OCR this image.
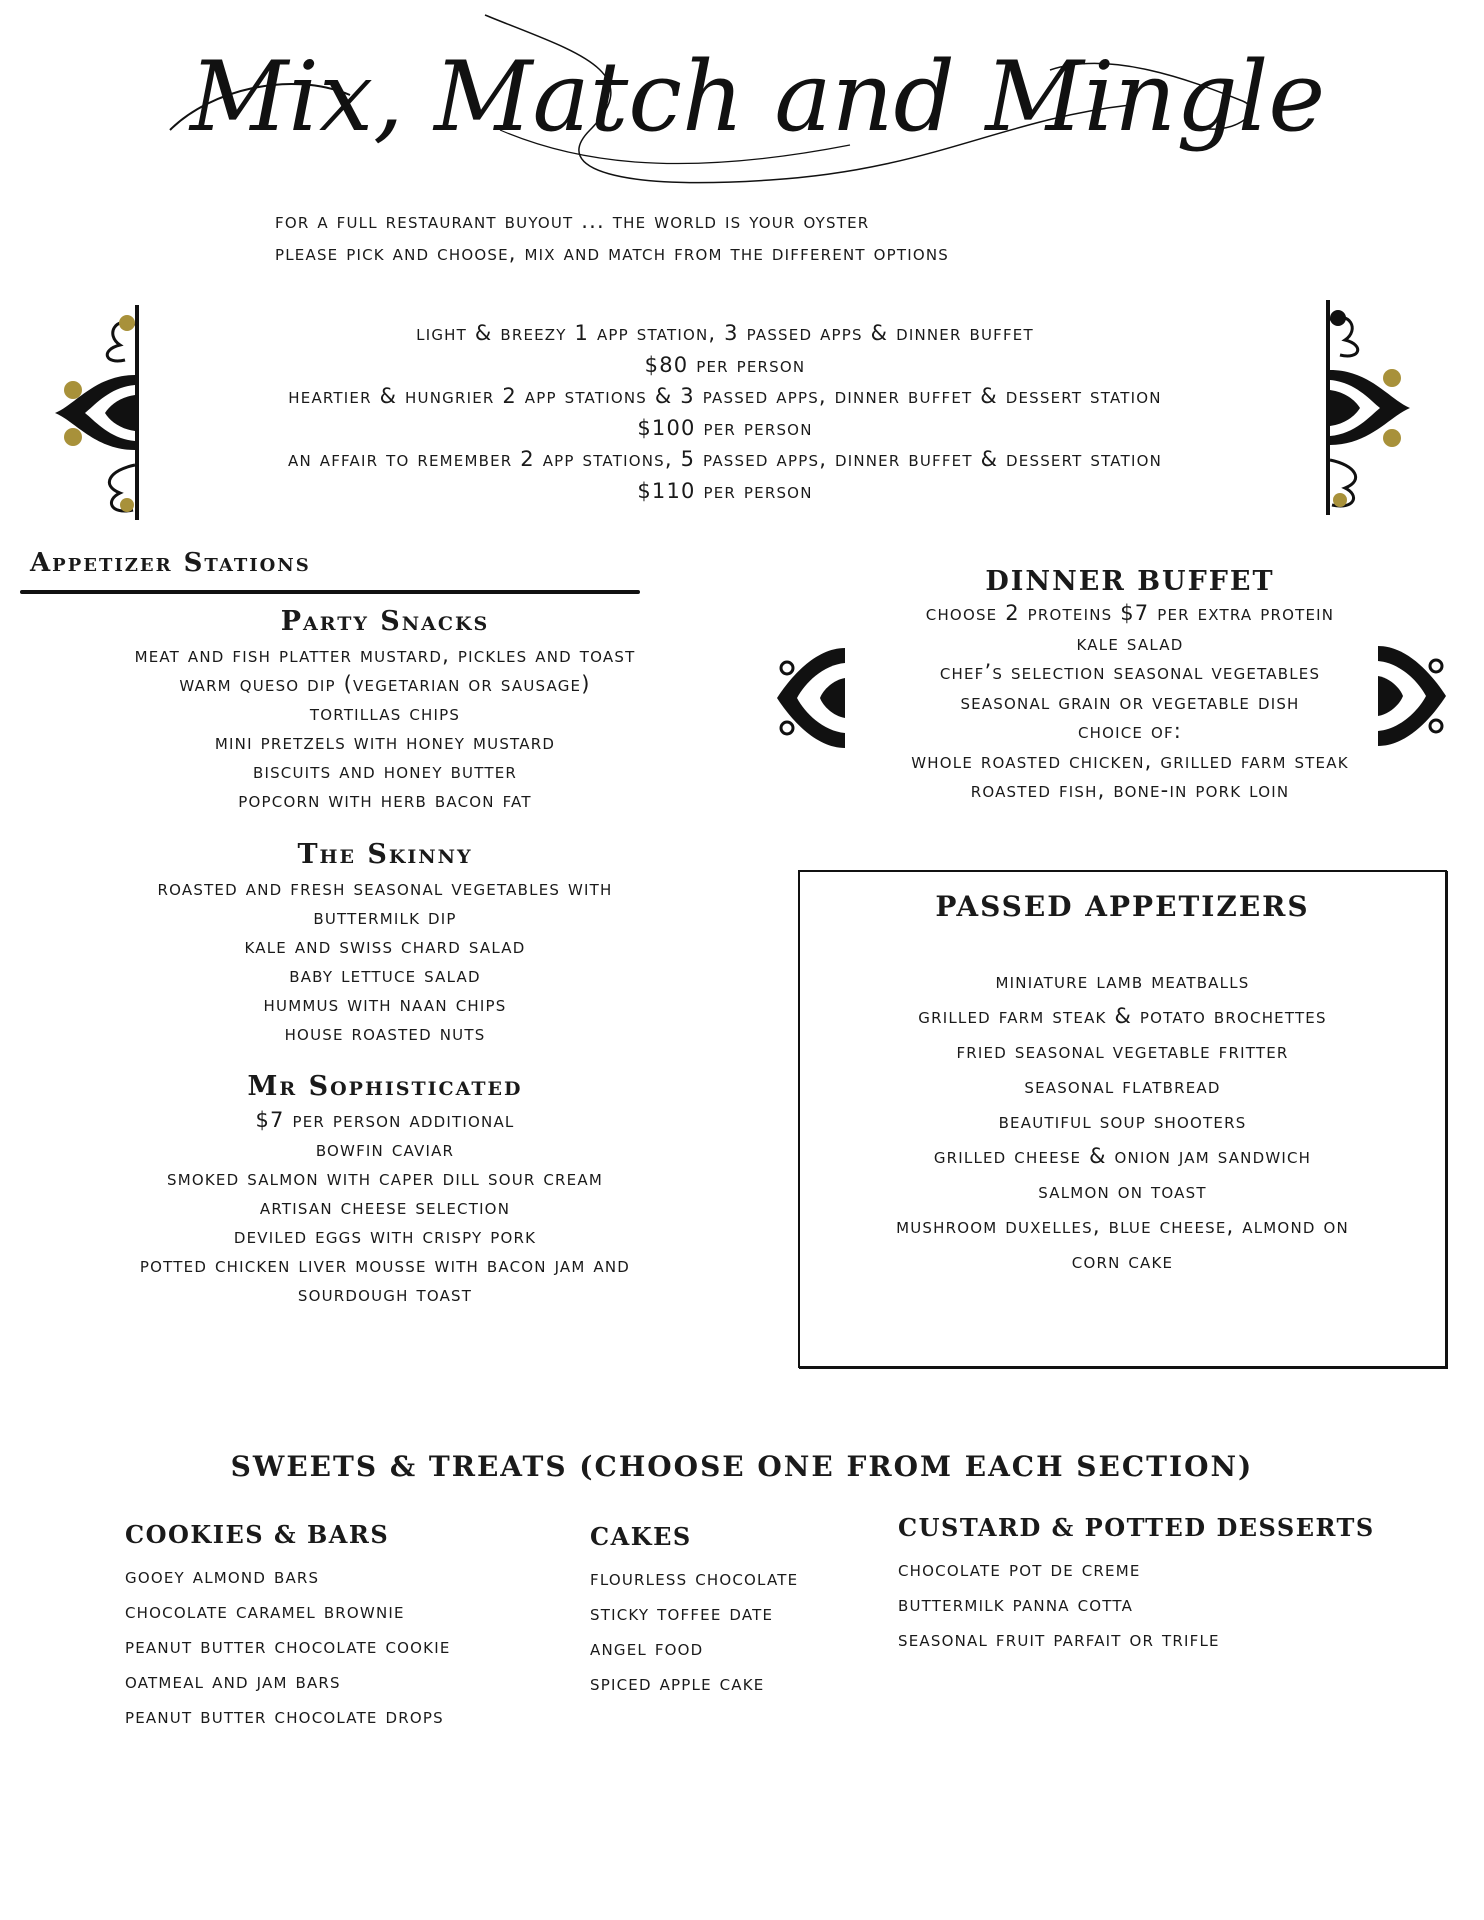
Mix, Match and Mingle
for a full restaurant buyout ... the world is your oyster
please pick and choose, mix and match from the different options
light & breezy 1 app station, 3 passed apps & dinner buffet
$80 per person
heartier & hungrier 2 app stations & 3 passed apps, dinner buffet & dessert station
$100 per person
an affair to remember 2 app stations, 5 passed apps, dinner buffet & dessert station
$110 per person
Appetizer Stations
Party Snacks
meat and fish platter mustard, pickles and toast
warm queso dip (vegetarian or sausage)
tortillas chips
mini pretzels with honey mustard
biscuits and honey butter
popcorn with herb bacon fat
The Skinny
roasted and fresh seasonal vegetables with
buttermilk dip
kale and swiss chard salad
baby lettuce salad
hummus with naan chips
house roasted nuts
Mr Sophisticated
$7 per person additional
bowfin caviar
smoked salmon with caper dill sour cream
artisan cheese selection
deviled eggs with crispy pork
potted chicken liver mousse with bacon jam and
sourdough toast
DINNER BUFFET
choose 2 proteins $7 per extra protein
kale salad
chef’s selection seasonal vegetables
seasonal grain or vegetable dish
choice of:
whole roasted chicken, grilled farm steak
roasted fish, bone-in pork loin
PASSED APPETIZERS
miniature lamb meatballs
grilled farm steak & potato brochettes
fried seasonal vegetable fritter
seasonal flatbread
beautiful soup shooters
grilled cheese & onion jam sandwich
salmon on toast
mushroom duxelles, blue cheese, almond on
corn cake
SWEETS & TREATS (CHOOSE ONE FROM EACH SECTION)
COOKIES & BARS
gooey almond bars
chocolate caramel brownie
peanut butter chocolate cookie
oatmeal and jam bars
peanut butter chocolate drops
CAKES
flourless chocolate
sticky toffee date
angel food
spiced apple cake
CUSTARD & POTTED DESSERTS
chocolate pot de creme
buttermilk panna cotta
seasonal fruit parfait or trifle
